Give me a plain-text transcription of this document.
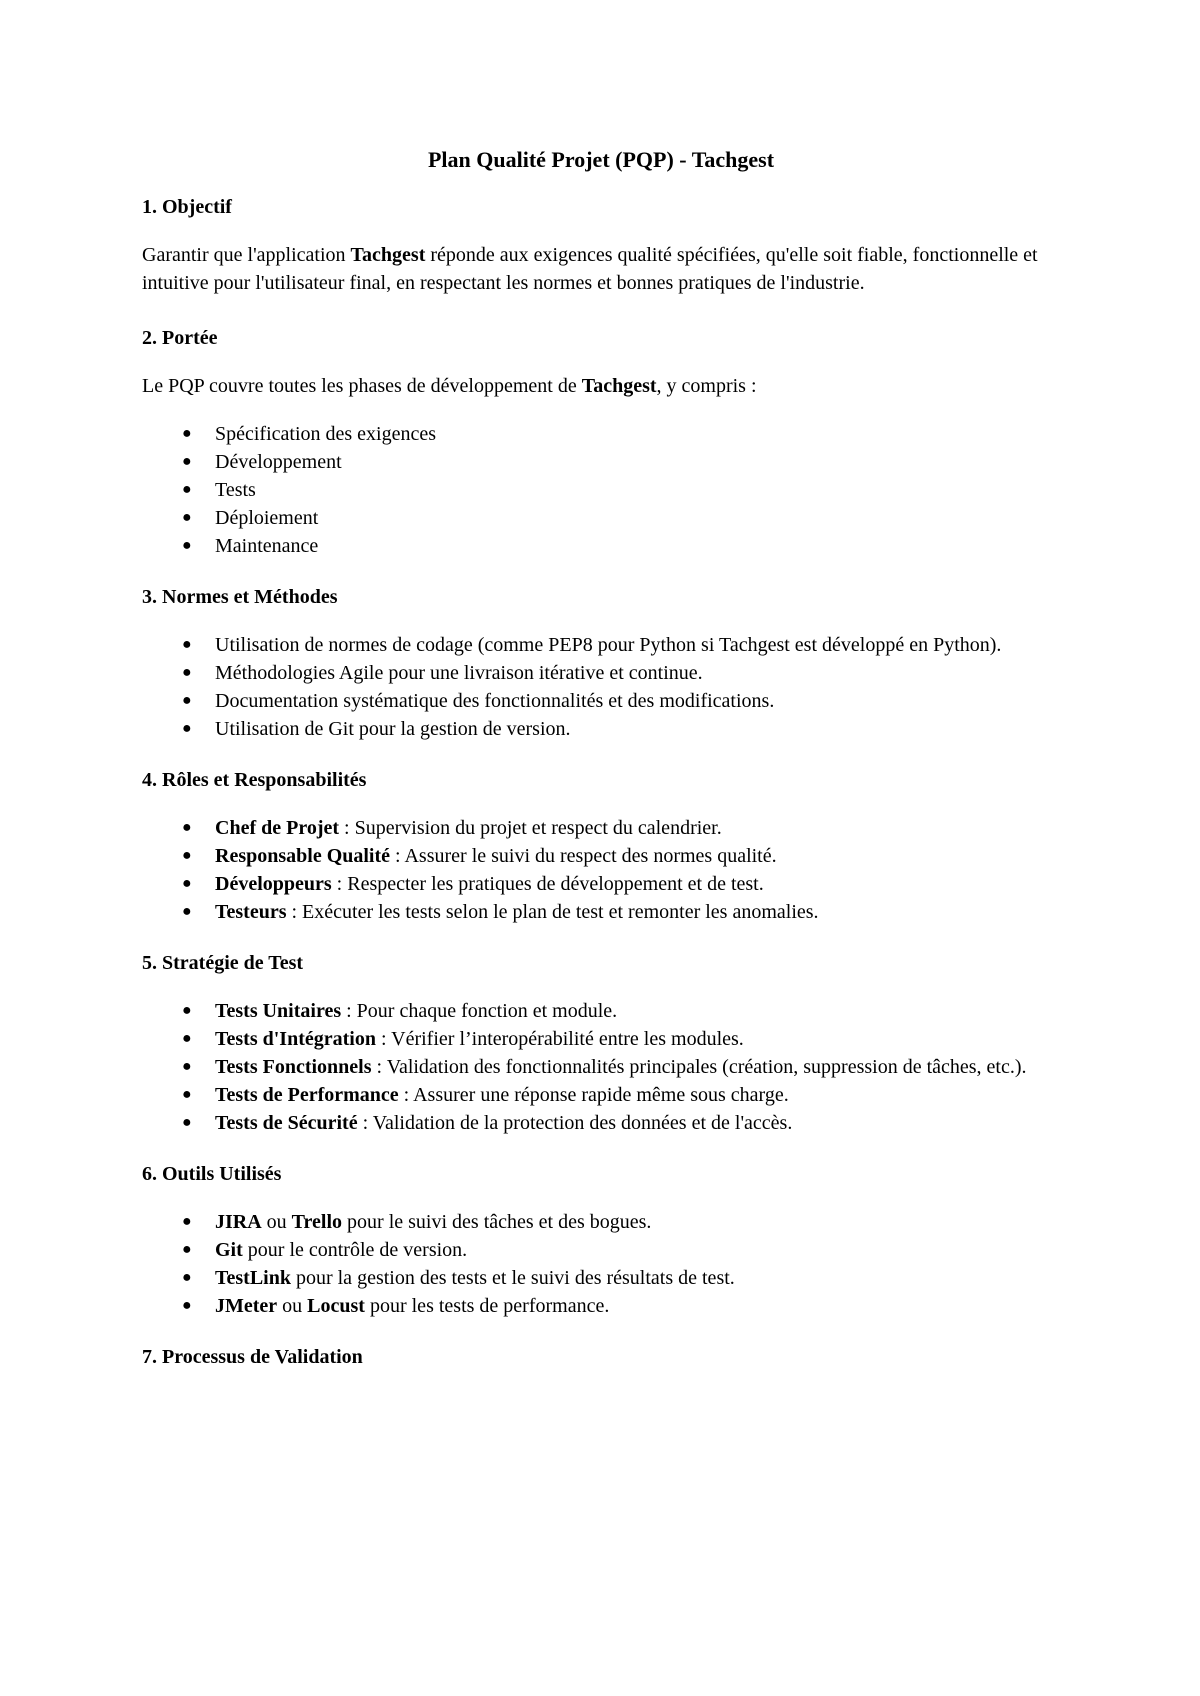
Plan Qualité Projet (PQP) - Tachgest
1. Objectif
Garantir que l'application Tachgest réponde aux exigences qualité spécifiées, qu'elle soit fiable, fonctionnelle et intuitive pour l'utilisateur final, en respectant les normes et bonnes pratiques de l'industrie.
2. Portée
Le PQP couvre toutes les phases de développement de Tachgest, y compris :
● Spécification des exigences
● Développement
● Tests
● Déploiement
● Maintenance
3. Normes et Méthodes
● Utilisation de normes de codage (comme PEP8 pour Python si Tachgest est développé en Python).
● Méthodologies Agile pour une livraison itérative et continue.
● Documentation systématique des fonctionnalités et des modifications.
● Utilisation de Git pour la gestion de version.
4. Rôles et Responsabilités
● Chef de Projet : Supervision du projet et respect du calendrier.
● Responsable Qualité : Assurer le suivi du respect des normes qualité.
● Développeurs : Respecter les pratiques de développement et de test.
● Testeurs : Exécuter les tests selon le plan de test et remonter les anomalies.
5. Stratégie de Test
● Tests Unitaires : Pour chaque fonction et module.
● Tests d'Intégration : Vérifier l’interopérabilité entre les modules.
● Tests Fonctionnels : Validation des fonctionnalités principales (création, suppression de tâches, etc.).
● Tests de Performance : Assurer une réponse rapide même sous charge.
● Tests de Sécurité : Validation de la protection des données et de l'accès.
6. Outils Utilisés
● JIRA ou Trello pour le suivi des tâches et des bogues.
● Git pour le contrôle de version.
● TestLink pour la gestion des tests et le suivi des résultats de test.
● JMeter ou Locust pour les tests de performance.
7. Processus de Validation
